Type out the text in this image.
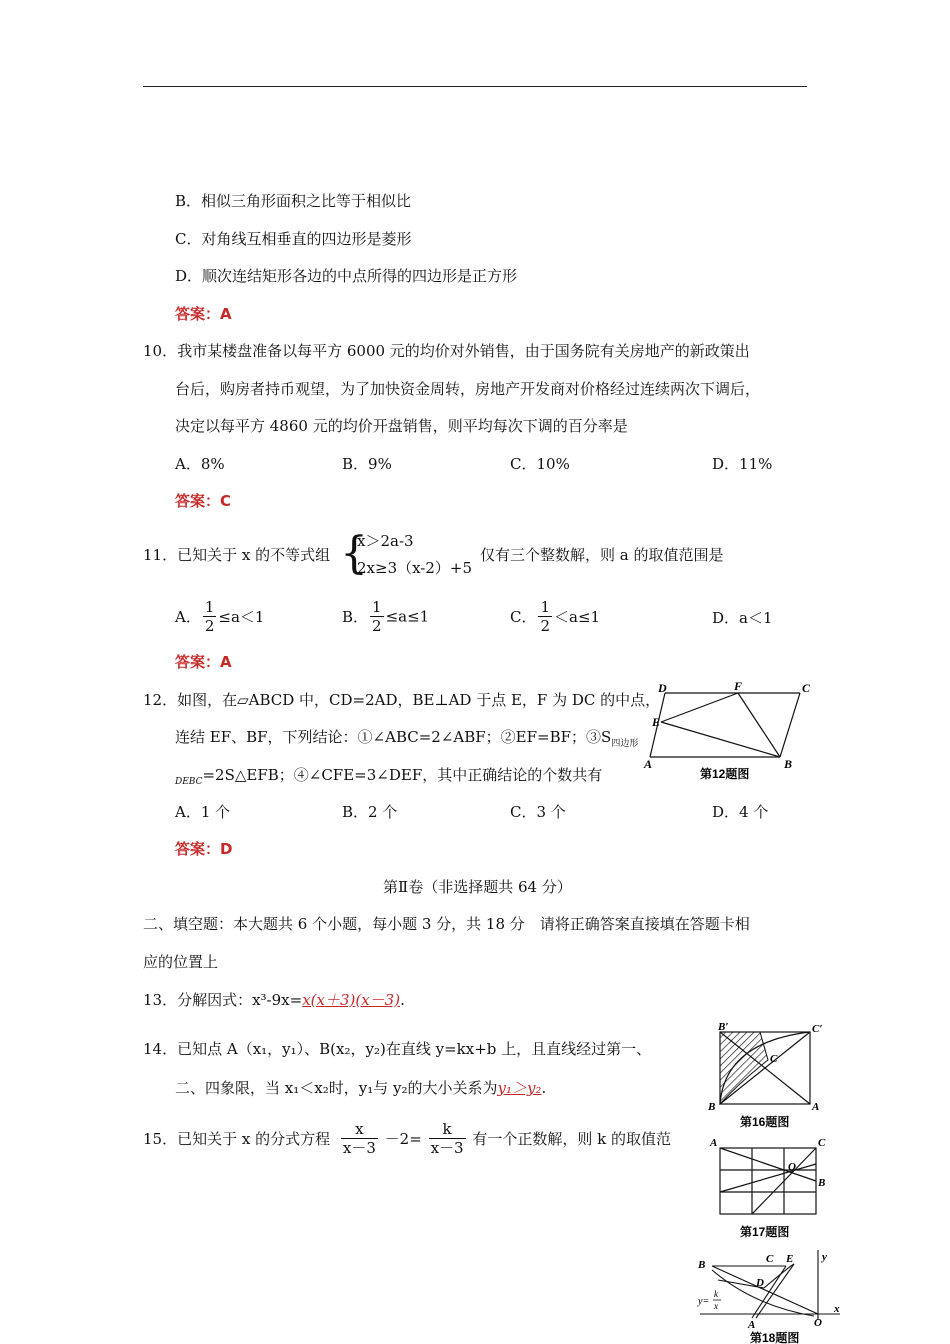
B．相似三角形面积之比等于相似比
C．对角线互相垂直的四边形是菱形
D．顺次连结矩形各边的中点所得的四边形是正方形
答案：A
10．我市某楼盘准备以每平方 6000 元的均价对外销售，由于国务院有关房地产的新政策出
台后，购房者持币观望，为了加快资金周转，房地产开发商对价格经过连续两次下调后，
决定以每平方 4860 元的均价开盘销售，则平均每次下调的百分率是
A．8%	B．9%	C．10%	D．11%
答案：C
11．已知关于 x 的不等式组 {
x＞2a-3
2x≥3（x-2）+5
仅有三个整数解，则 a 的取值范围是
A． $\frac{1}{2} \le a<1$	B． $\frac{1}{2} \le a\le 1$	C． $\frac{1}{2} <a\le 1$	D．a＜1
答案：A
12．如图，在▱ABCD 中，CD=2AD，BE⊥AD 于点 E，F 为 DC 的中点，
连结 EF、BF，下列结论：①∠ABC=2∠ABF；②EF=BF；$③S_{四边形}$
$_{DEBC}$=2S△EFB；④∠CFE=3∠DEF，其中正确结论的个数共有
A．1 个	B．2 个	C．3 个	D．4 个
答案：D
D	F	C
E
A	B
第12题图
第Ⅱ卷（非选择题共 64 分）
二、填空题：本大题共 6 个小题，每小题 3 分，共 18 分　请将正确答案直接填在答题卡相
应的位置上
13．分解因式：x³-9x=x(x＋3)(x－3).
14．已知点 A（x₁，y₁）、B(x₂，y₂)在直线 y=kx+b 上，且直线经过第一、
二、四象限，当 x₁＜x₂时，y₁与 y₂的大小关系为y₁＞y₂.
15．已知关于 x 的分式方程 $\frac{x}{x-3} -2= \frac{k}{x-3}$ 有一个正数解，则 k 的取值范
B′	C′
C
B	A
第16题图
A	C
O
B
第17题图
B	C E
D
y
x
A	O
y=
k
x
第18题图
